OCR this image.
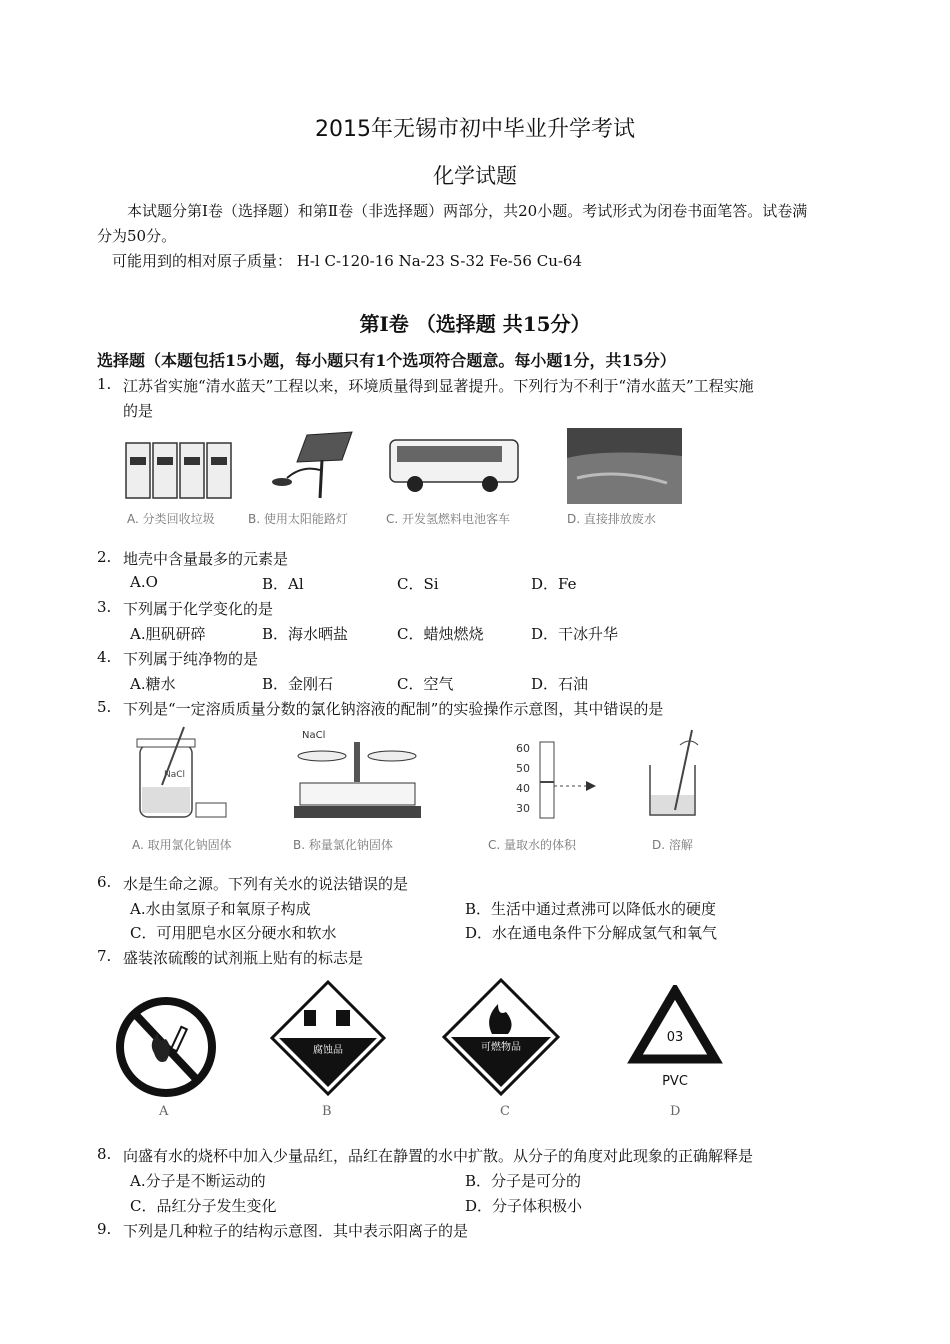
2015年无锡市初中毕业升学考试
化学试题
本试题分第Ⅰ卷（选择题）和第Ⅱ卷（非选择题）两部分，共20小题。考试形式为闭卷书面笔答。试卷满
分为50分。
可能用到的相对原子质量： H-l C-120-16 Na-23 S-32 Fe-56 Cu-64
第I卷 （选择题 共15分）
选择题（本题包括15小题，每小题只有1个选项符合题意。每小题1分，共15分）
1. 江苏省实施“清水蓝天”工程以来，环境质量得到显著提升。下列行为不利于“清水蓝天”工程实施
的是
A. 分类回收垃圾	B. 使用太阳能路灯	C. 开发氢燃料电池客车	D. 直接排放废水
2. 地壳中含量最多的元素是
A.O	B．Al	C．Si	D．Fe
3. 下列属于化学变化的是
A.胆矾研碎	B．海水晒盐	C．蜡烛燃烧	D．干冰升华
4. 下列属于纯净物的是
A.糖水	B．金刚石	C．空气	D．石油
5. 下列是“一定溶质质量分数的氯化钠溶液的配制”的实验操作示意图，其中错误的是
NaCl
NaCl
60
50
40
30
A. 取用氯化钠固体	B. 称量氯化钠固体	C. 量取水的体积	D. 溶解
6. 水是生命之源。下列有关水的说法错误的是
A.水由氢原子和氧原子构成	B．生活中通过煮沸可以降低水的硬度
C．可用肥皂水区分硬水和软水	D．水在通电条件下分解成氢气和氧气
7. 盛装浓硫酸的试剂瓶上贴有的标志是
腐蚀品	可燃物品
03
PVC
A	B	C	D
8. 向盛有水的烧杯中加入少量品红，品红在静置的水中扩散。从分子的角度对此现象的正确解释是
A.分子是不断运动的	B．分子是可分的
C．品红分子发生变化	D．分子体积极小
9. 下列是几种粒子的结构示意图．其中表示阳离子的是
